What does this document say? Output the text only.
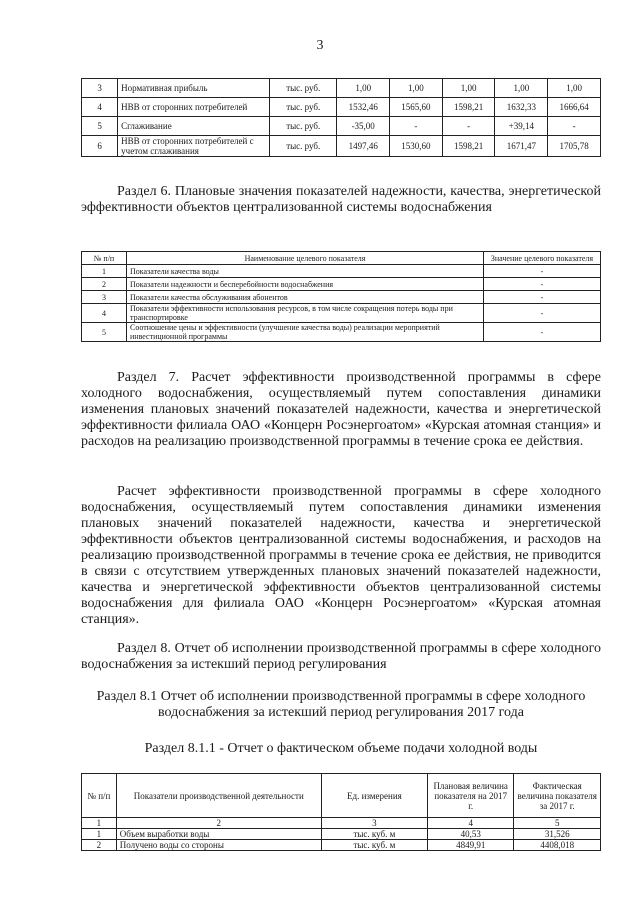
3
3	Нормативная прибыль	тыс. руб.	1,00	1,00	1,00	1,00	1,00
4	НВВ от сторонних потребителей	тыс. руб.	1532,46	1565,60	1598,21	1632,33	1666,64
5	Сглаживание	тыс. руб.	-35,00	-	-	+39,14	-
6	НВВ от сторонних потребителей с учетом сглаживания	тыс. руб.	1497,46	1530,60	1598,21	1671,47	1705,78

Раздел 6. Плановые значения показателей надежности, качества, энергетической эффективности объектов централизованной системы водоснабжения

№ п/п	Наименование целевого показателя	Значение целевого показателя
1	Показатели качества воды	-
2	Показатели надежности и бесперебойности водоснабжения	-
3	Показатели качества обслуживания абонентов	-
4	Показатели эффективности использования ресурсов, в том числе сокращения потерь воды при транспортировке	-
5	Соотношение цены и эффективности (улучшение качества воды) реализации мероприятий инвестиционной программы	-

Раздел 7. Расчет эффективности производственной программы в сфере холодного водоснабжения, осуществляемый путем сопоставления динамики изменения плановых значений показателей надежности, качества и энергетической эффективности филиала ОАО «Концерн Росэнергоатом» «Курская атомная станция» и расходов на реализацию производственной программы в течение срока ее действия.

Расчет эффективности производственной программы в сфере холодного водоснабжения, осуществляемый путем сопоставления динамики изменения плановых значений показателей надежности, качества и энергетической эффективности объектов централизованной системы водоснабжения, и расходов на реализацию производственной программы в течение срока ее действия, не приводится в связи с отсутствием утвержденных плановых значений показателей надежности, качества и энергетической эффективности объектов централизованной системы водоснабжения для филиала ОАО «Концерн Росэнергоатом» «Курская атомная станция».

Раздел 8. Отчет об исполнении производственной программы в сфере холодного водоснабжения за истекший период регулирования

Раздел 8.1 Отчет об исполнении производственной программы в сфере холодного водоснабжения за истекший период регулирования 2017 года

Раздел 8.1.1 - Отчет о фактическом объеме подачи холодной воды

№ п/п	Показатели производственной деятельности	Ед. измерения	Плановая величина показателя на 2017 г.	Фактическая величина показателя за 2017 г.
1	2	3	4	5
1	Объем выработки воды	тыс. куб. м	40,53	31,526
2	Получено воды со стороны	тыс. куб. м	4849,91	4408,018
